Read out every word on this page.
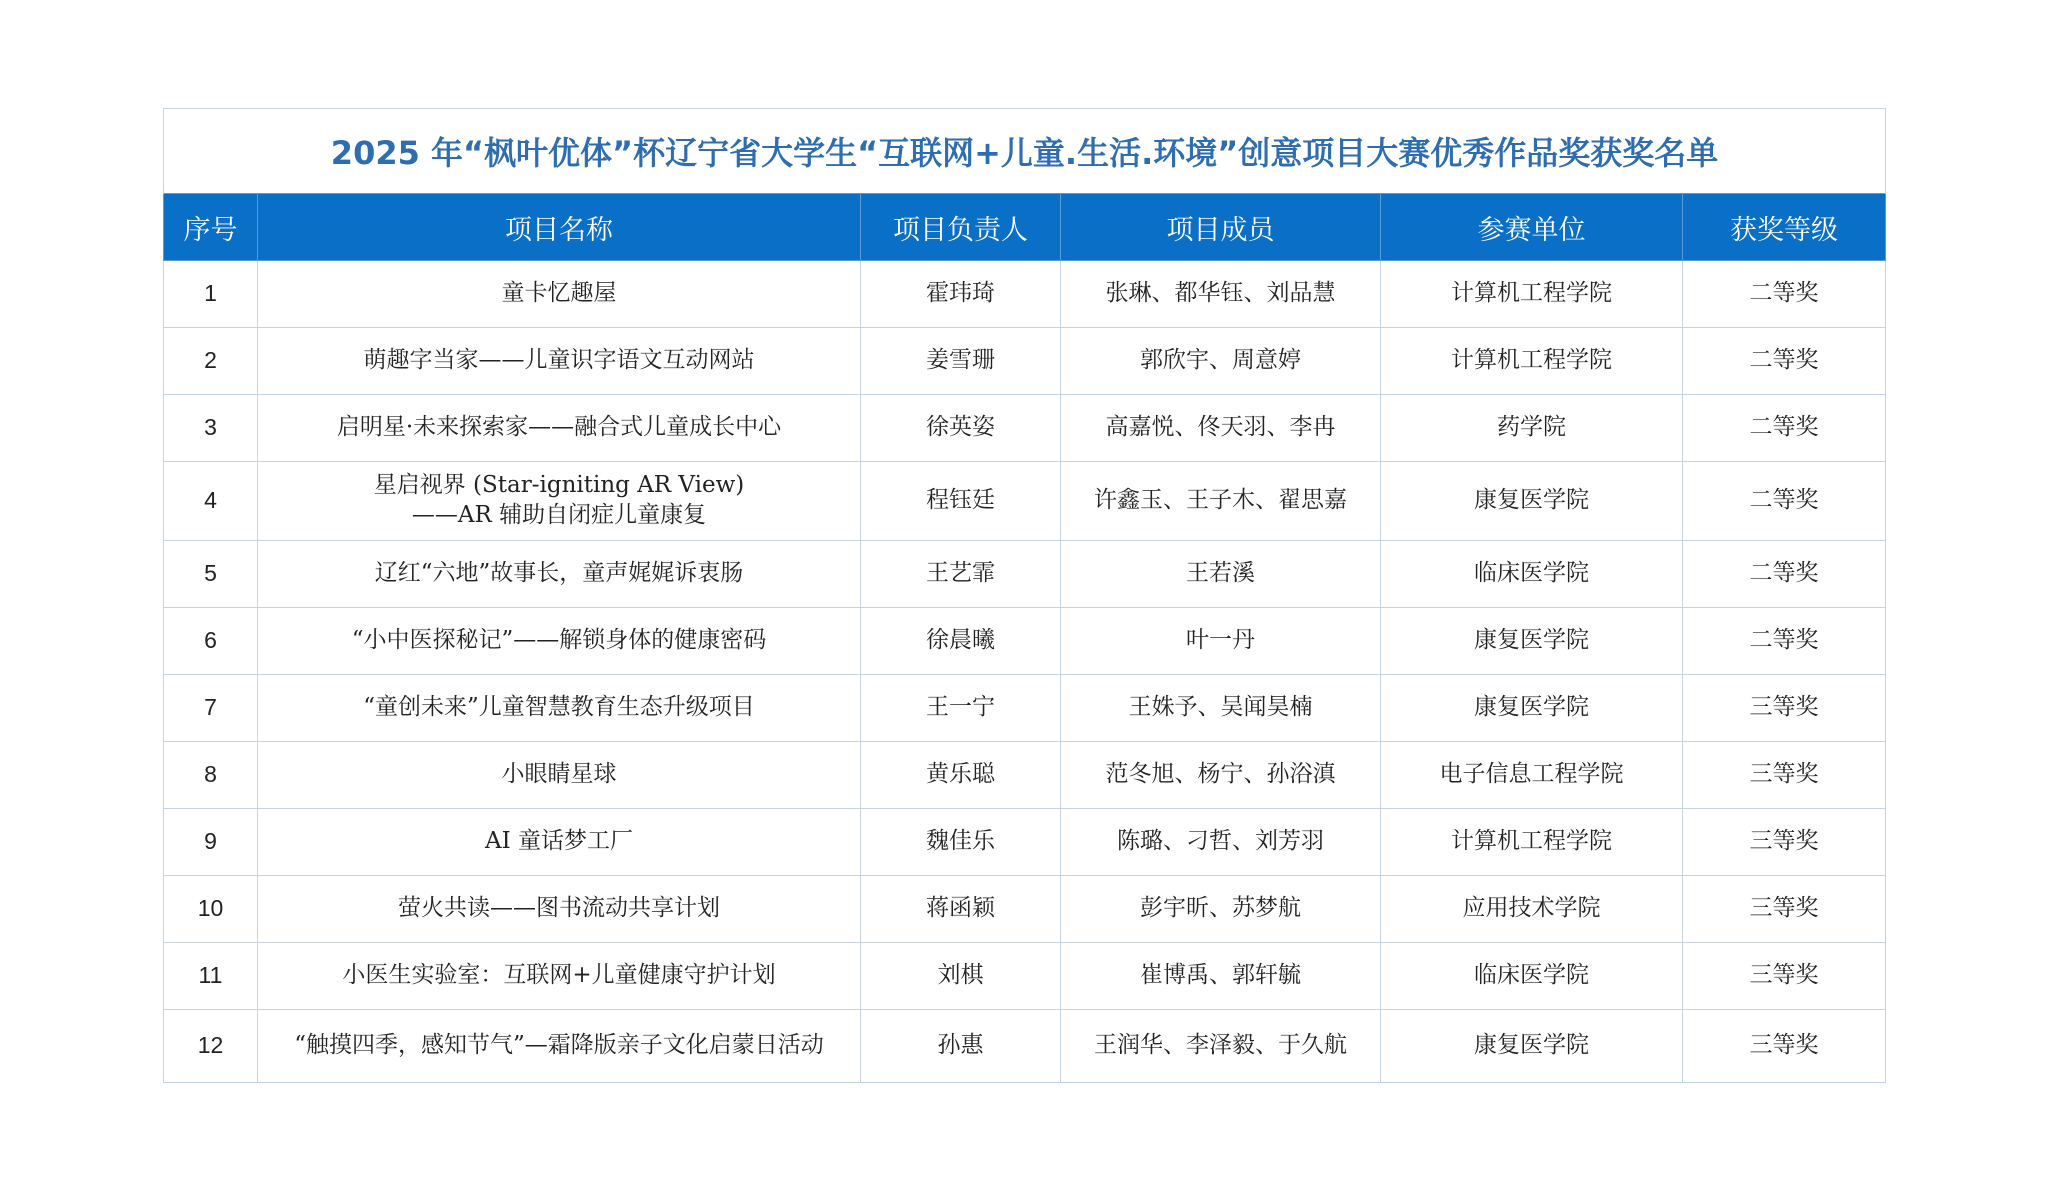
2025 年“枫叶优体”杯辽宁省大学生“互联网+儿童.生活.环境”创意项目大赛优秀作品奖获奖名单					
序号	项目名称	项目负责人	项目成员	参赛单位	获奖等级
1	童卡忆趣屋	霍玮琦	张琳、都华钰、刘品慧	计算机工程学院	二等奖
2	萌趣字当家——儿童识字语文互动网站	姜雪珊	郭欣宇、周意婷	计算机工程学院	二等奖
3	启明星·未来探索家——融合式儿童成长中心	徐英姿	高嘉悦、佟天羽、李冉	药学院	二等奖
4	星启视界 (Star-igniting AR View)
——AR 辅助自闭症儿童康复	程钰廷	许鑫玉、王子木、翟思嘉	康复医学院	二等奖
5	辽红“六地”故事长，童声娓娓诉衷肠	王艺霏	王若溪	临床医学院	二等奖
6	“小中医探秘记”——解锁身体的健康密码	徐晨曦	叶一丹	康复医学院	二等奖
7	“童创未来”儿童智慧教育生态升级项目	王一宁	王姝予、吴闻昊楠	康复医学院	三等奖
8	小眼睛星球	黄乐聪	范冬旭、杨宁、孙浴滇	电子信息工程学院	三等奖
9	AI 童话梦工厂	魏佳乐	陈璐、刁哲、刘芳羽	计算机工程学院	三等奖
10	萤火共读——图书流动共享计划	蒋函颖	彭宇昕、苏梦航	应用技术学院	三等奖
11	小医生实验室：互联网+儿童健康守护计划	刘棋	崔博禹、郭轩毓	临床医学院	三等奖
12	“触摸四季，感知节气”—霜降版亲子文化启蒙日活动	孙惠	王润华、李泽毅、于久航	康复医学院	三等奖
